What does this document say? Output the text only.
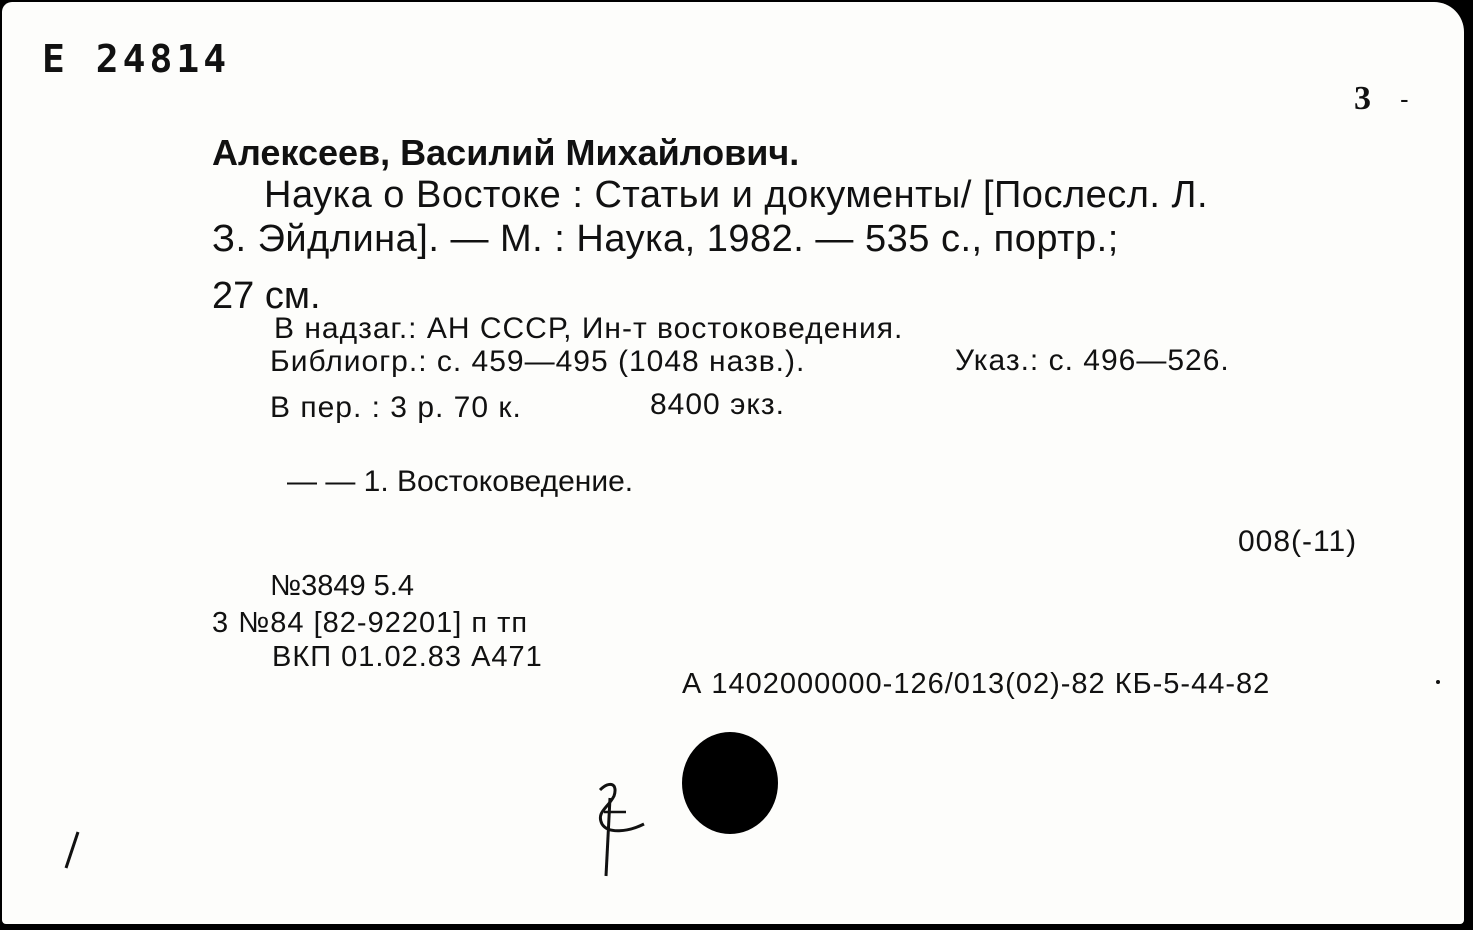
Е 24814
3 -
Алексеев, Василий Михайлович.
Наука о Востоке : Статьи и документы/ [Послесл. Л.
З. Эйдлина]. — М. : Наука, 1982. — 535 с., портр.;
27 см.
В надзаг.: АН СССР, Ин-т востоковедения.
Библиогр.: с. 459—495 (1048 назв.).	Указ.: с. 496—526.
В пер. : 3 р. 70 к.	8400 экз.
— — 1. Востоковедение.
008(-11)
№3849 5.4
3 №84 [82-92201] п тп
ВКП 01.02.83 А471
А 1402000000-126/013(02)-82 КБ-5-44-82
